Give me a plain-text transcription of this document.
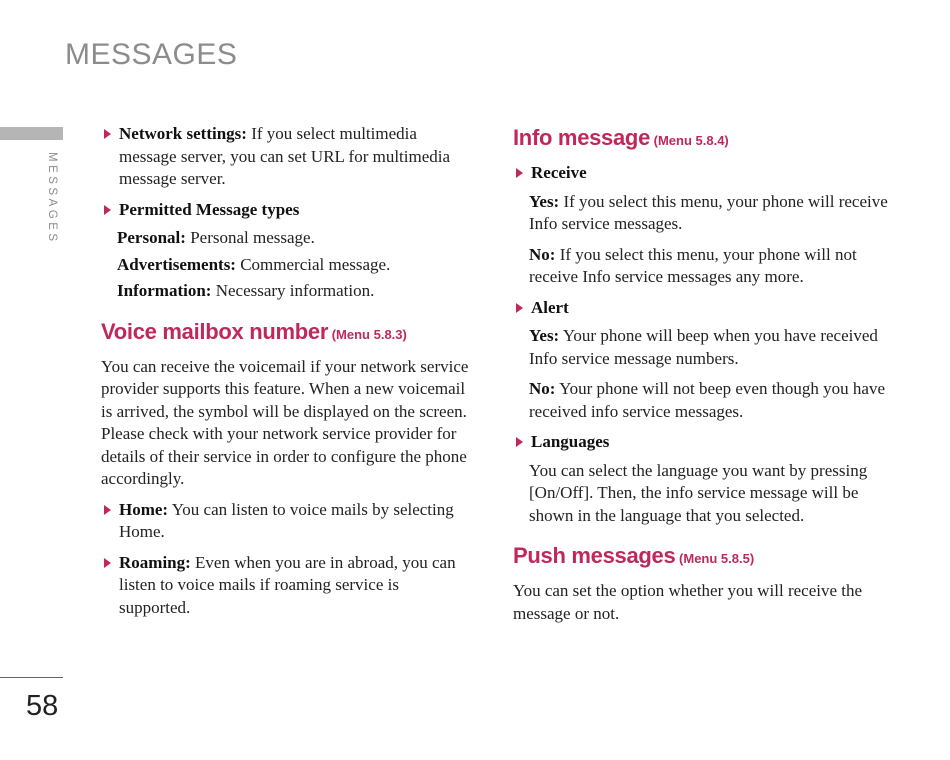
MESSAGES
MESSAGES
58

Network settings: If you select multimedia message server, you can set URL for multimedia message server.

Permitted Message types

Personal: Personal message.

Advertisements: Commercial message.

Information: Necessary information.

Voice mailbox number (Menu 5.8.3)

You can receive the voicemail if your network service provider supports this feature. When a new voicemail is arrived, the symbol will be displayed on the screen. Please check with your network service provider for details of their service in order to configure the phone accordingly.

Home: You can listen to voice mails by selecting Home.

Roaming: Even when you are in abroad, you can listen to voice mails if roaming service is supported.

Info message (Menu 5.8.4)

Receive

Yes: If you select this menu, your phone will receive Info service messages.

No: If you select this menu, your phone will not receive Info service messages any more.

Alert

Yes: Your phone will beep when you have received Info service message numbers.

No: Your phone will not beep even though you have received info service messages.

Languages

You can select the language you want by pressing [On/Off]. Then, the info service message will be shown in the language that you selected.

Push messages (Menu 5.8.5)

You can set the option whether you will receive the message or not.
